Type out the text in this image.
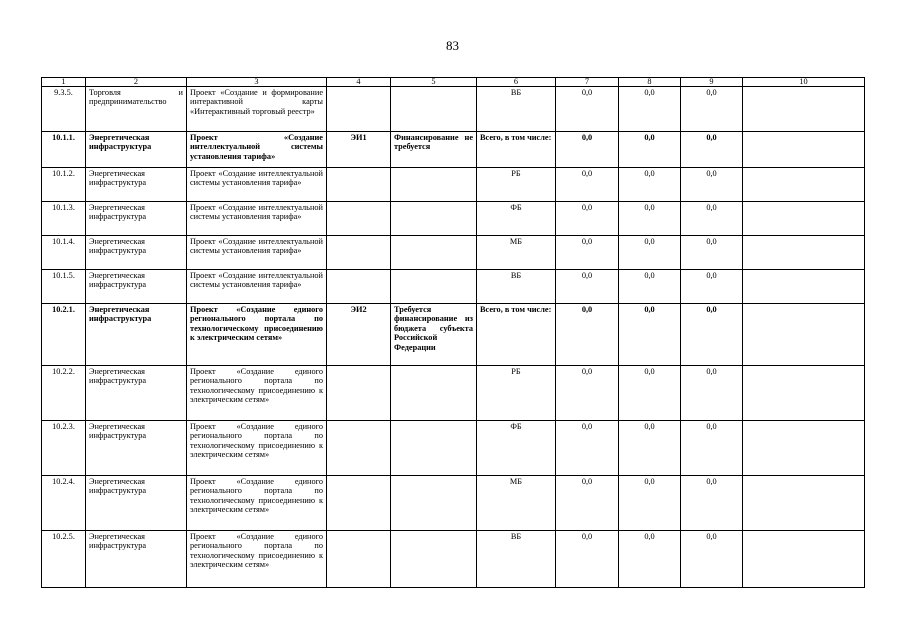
83
1	2	3	4	5	6	7	8	9	10
9.3.5.	Торговля и предпринимательство	Проект «Создание и формирование интерактивной карты «Интерактивный торговый реестр»			ВБ	0,0	0,0	0,0	
10.1.1.	Энергетическая инфраструктура	Проект «Создание интеллектуальной системы установления тарифа»	ЭИ1	Финансирование не требуется	Всего, в том числе:	0,0	0,0	0,0	
10.1.2.	Энергетическая инфраструктура	Проект «Создание интеллектуальной системы установления тарифа»			РБ	0,0	0,0	0,0	
10.1.3.	Энергетическая инфраструктура	Проект «Создание интеллектуальной системы установления тарифа»			ФБ	0,0	0,0	0,0	
10.1.4.	Энергетическая инфраструктура	Проект «Создание интеллектуальной системы установления тарифа»			МБ	0,0	0,0	0,0	
10.1.5.	Энергетическая инфраструктура	Проект «Создание интеллектуальной системы установления тарифа»			ВБ	0,0	0,0	0,0	
10.2.1.	Энергетическая инфраструктура	Проект «Создание единого регионального портала по технологическому присоединению к электрическим сетям»	ЭИ2	Требуется финансирование из бюджета субъекта Российской Федерации	Всего, в том числе:	0,0	0,0	0,0	
10.2.2.	Энергетическая инфраструктура	Проект «Создание единого регионального портала по технологическому присоединению к электрическим сетям»			РБ	0,0	0,0	0,0	
10.2.3.	Энергетическая инфраструктура	Проект «Создание единого регионального портала по технологическому присоединению к электрическим сетям»			ФБ	0,0	0,0	0,0	
10.2.4.	Энергетическая инфраструктура	Проект «Создание единого регионального портала по технологическому присоединению к электрическим сетям»			МБ	0,0	0,0	0,0	
10.2.5.	Энергетическая инфраструктура	Проект «Создание единого регионального портала по технологическому присоединению к электрическим сетям»			ВБ	0,0	0,0	0,0	
